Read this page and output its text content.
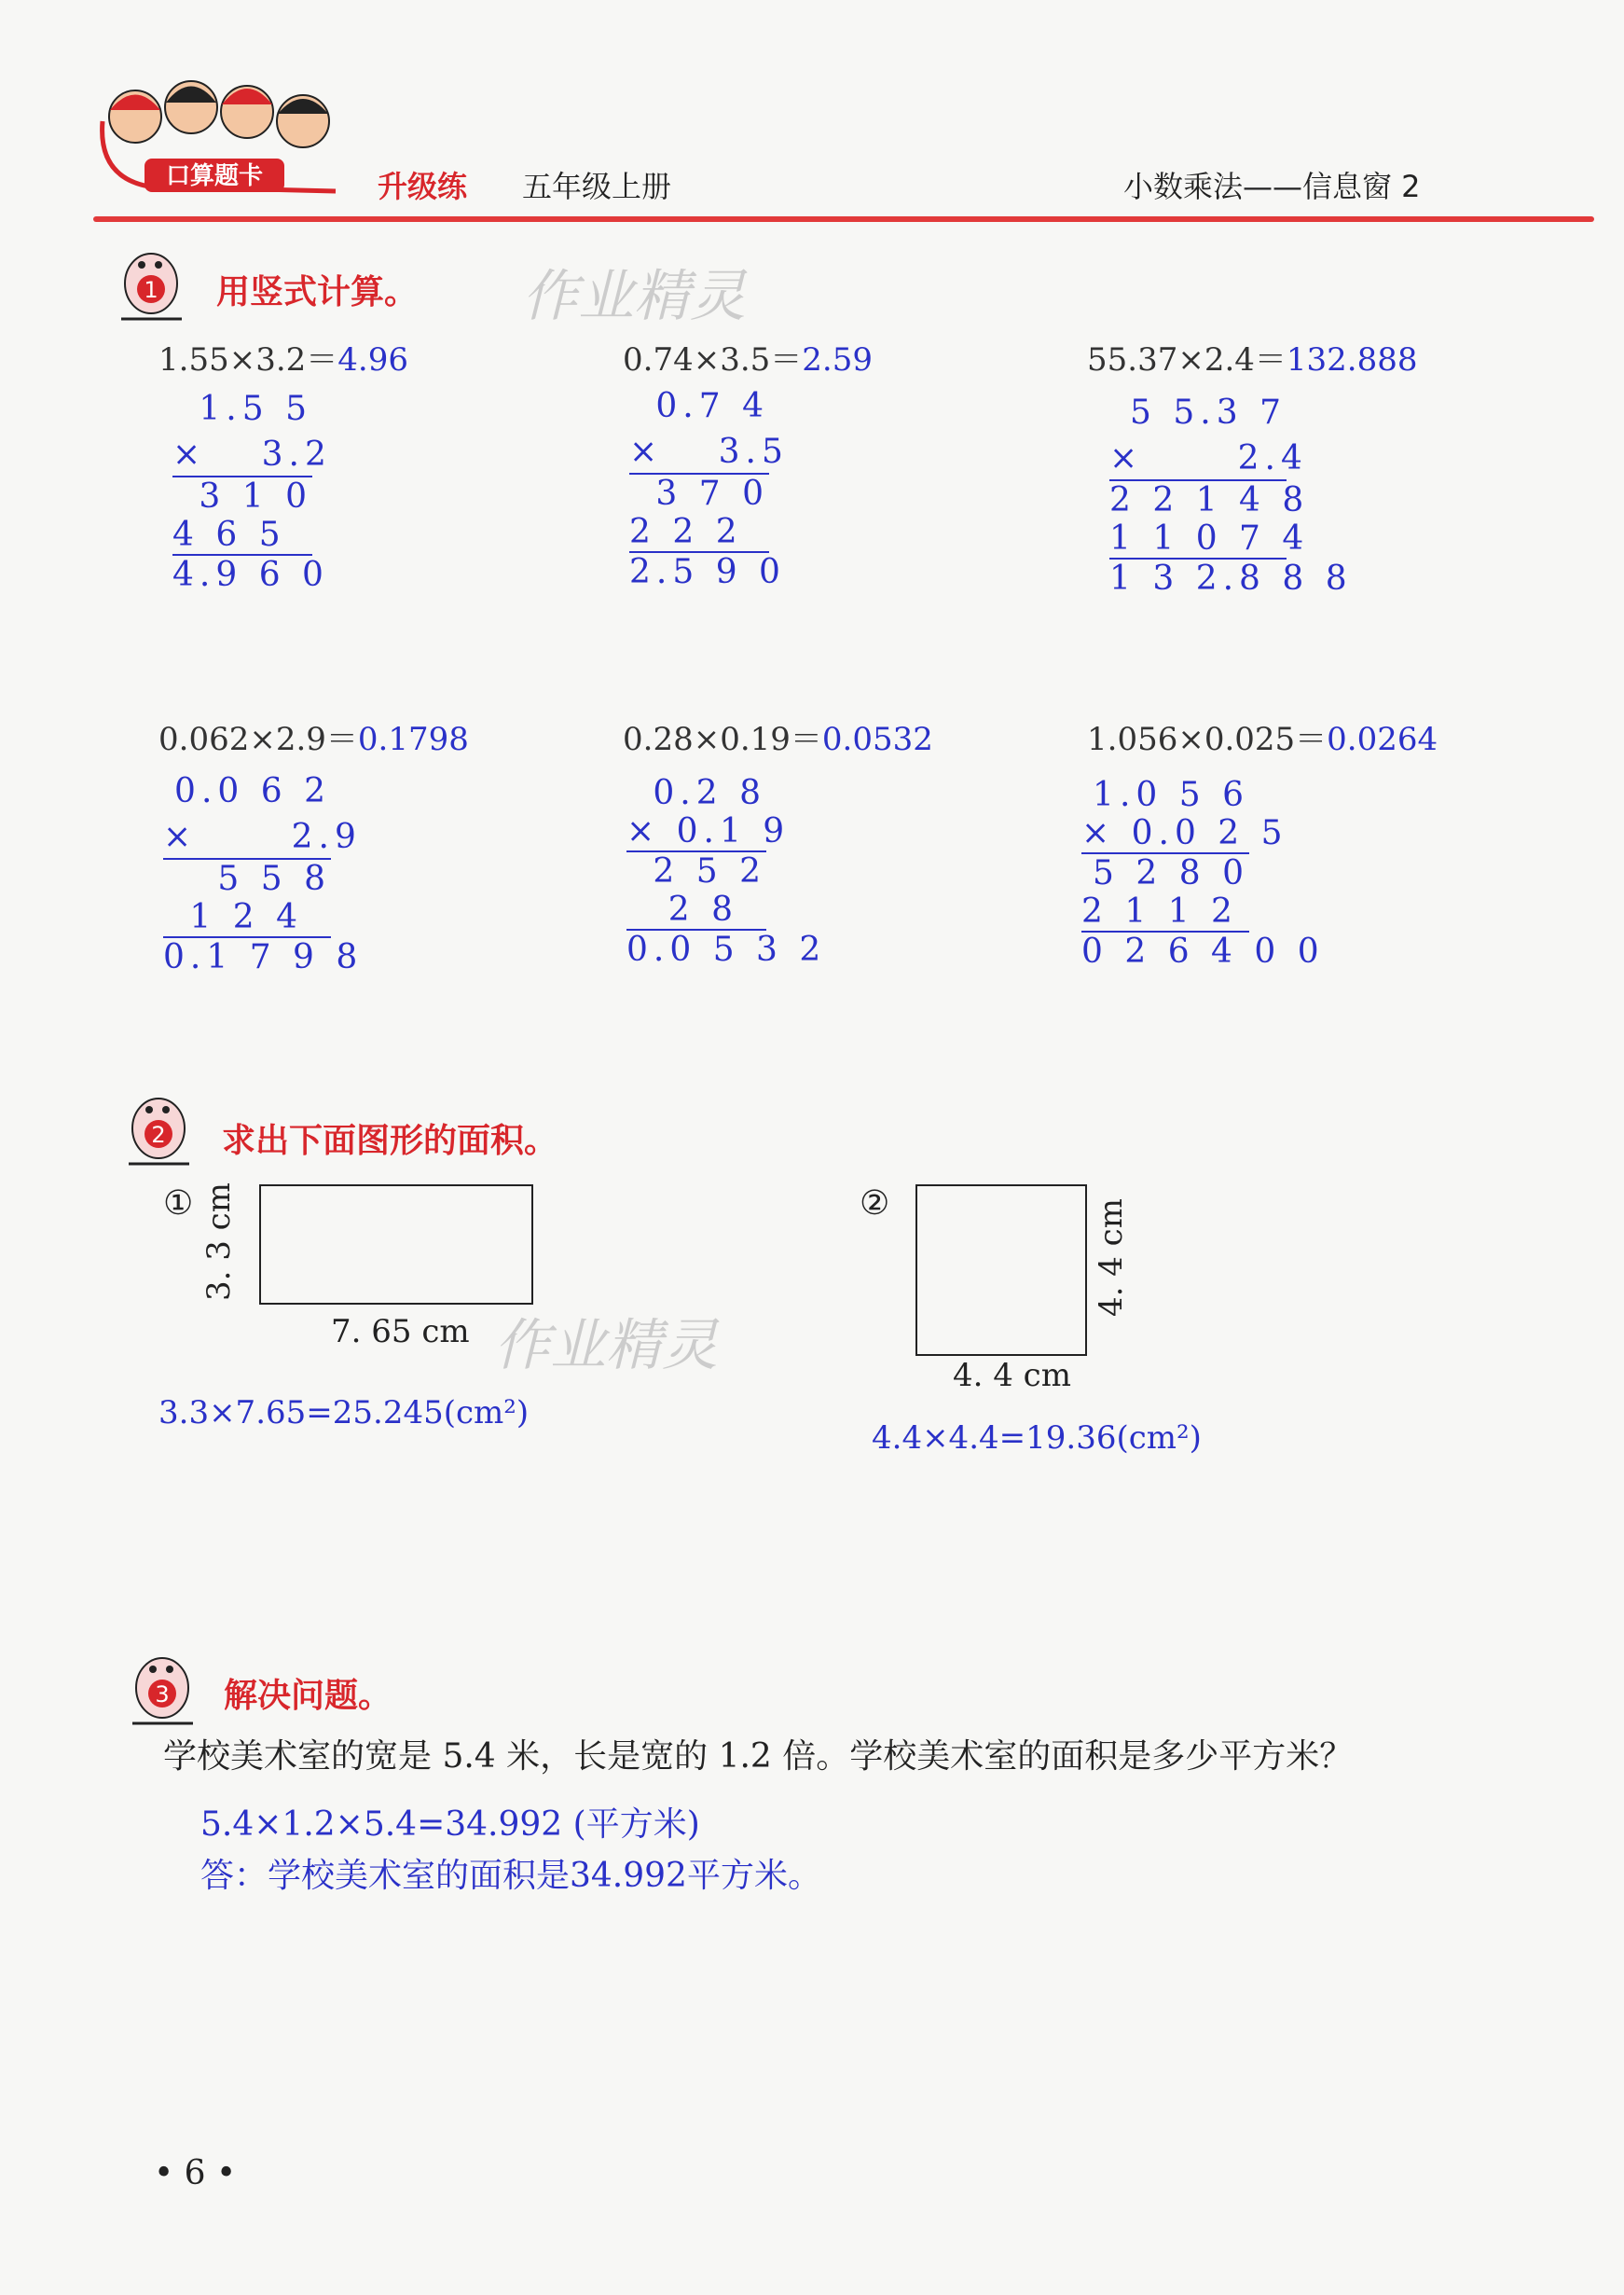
口算题卡	升级练 五年级上册	小数乘法——信息窗 2
1 用竖式计算。 作业精灵
1.55×3.2＝4.96	0.74×3.5＝2.59	55.37×2.4＝132.888
1.5 5
×　 3.2
3 1 0
4 6 5
4.9 6 0
0.7 4
×　 3.5
3 7 0
2 2 2
2.5 9 0
5 5.3 7
×　　 2.4
2 2 1 4 8
1 1 0 7 4
1 3 2.8 8 8
0.062×2.9＝0.1798	0.28×0.19＝0.0532	1.056×0.025＝0.0264
0.0 6 2
×　　 2.9
5 5 8
1 2 4
0.1 7 9 8
0.2 8
× 0.1 9
2 5 2
2 8
0.0 5 3 2
1.0 5 6
× 0.0 2 5
5 2 8 0
2 1 1 2
0 2 6 4 0 0
2 求出下面图形的面积。
① 3. 3 cm
7. 65 cm 作业精灵
3.3×7.65=25.245(cm²)
②	4. 4 cm
4. 4 cm
4.4×4.4=19.36(cm²)
3 解决问题。
学校美术室的宽是 5.4 米，长是宽的 1.2 倍。学校美术室的面积是多少平方米？
5.4×1.2×5.4=34.992 (平方米)
答：学校美术室的面积是34.992平方米。
• 6 •
